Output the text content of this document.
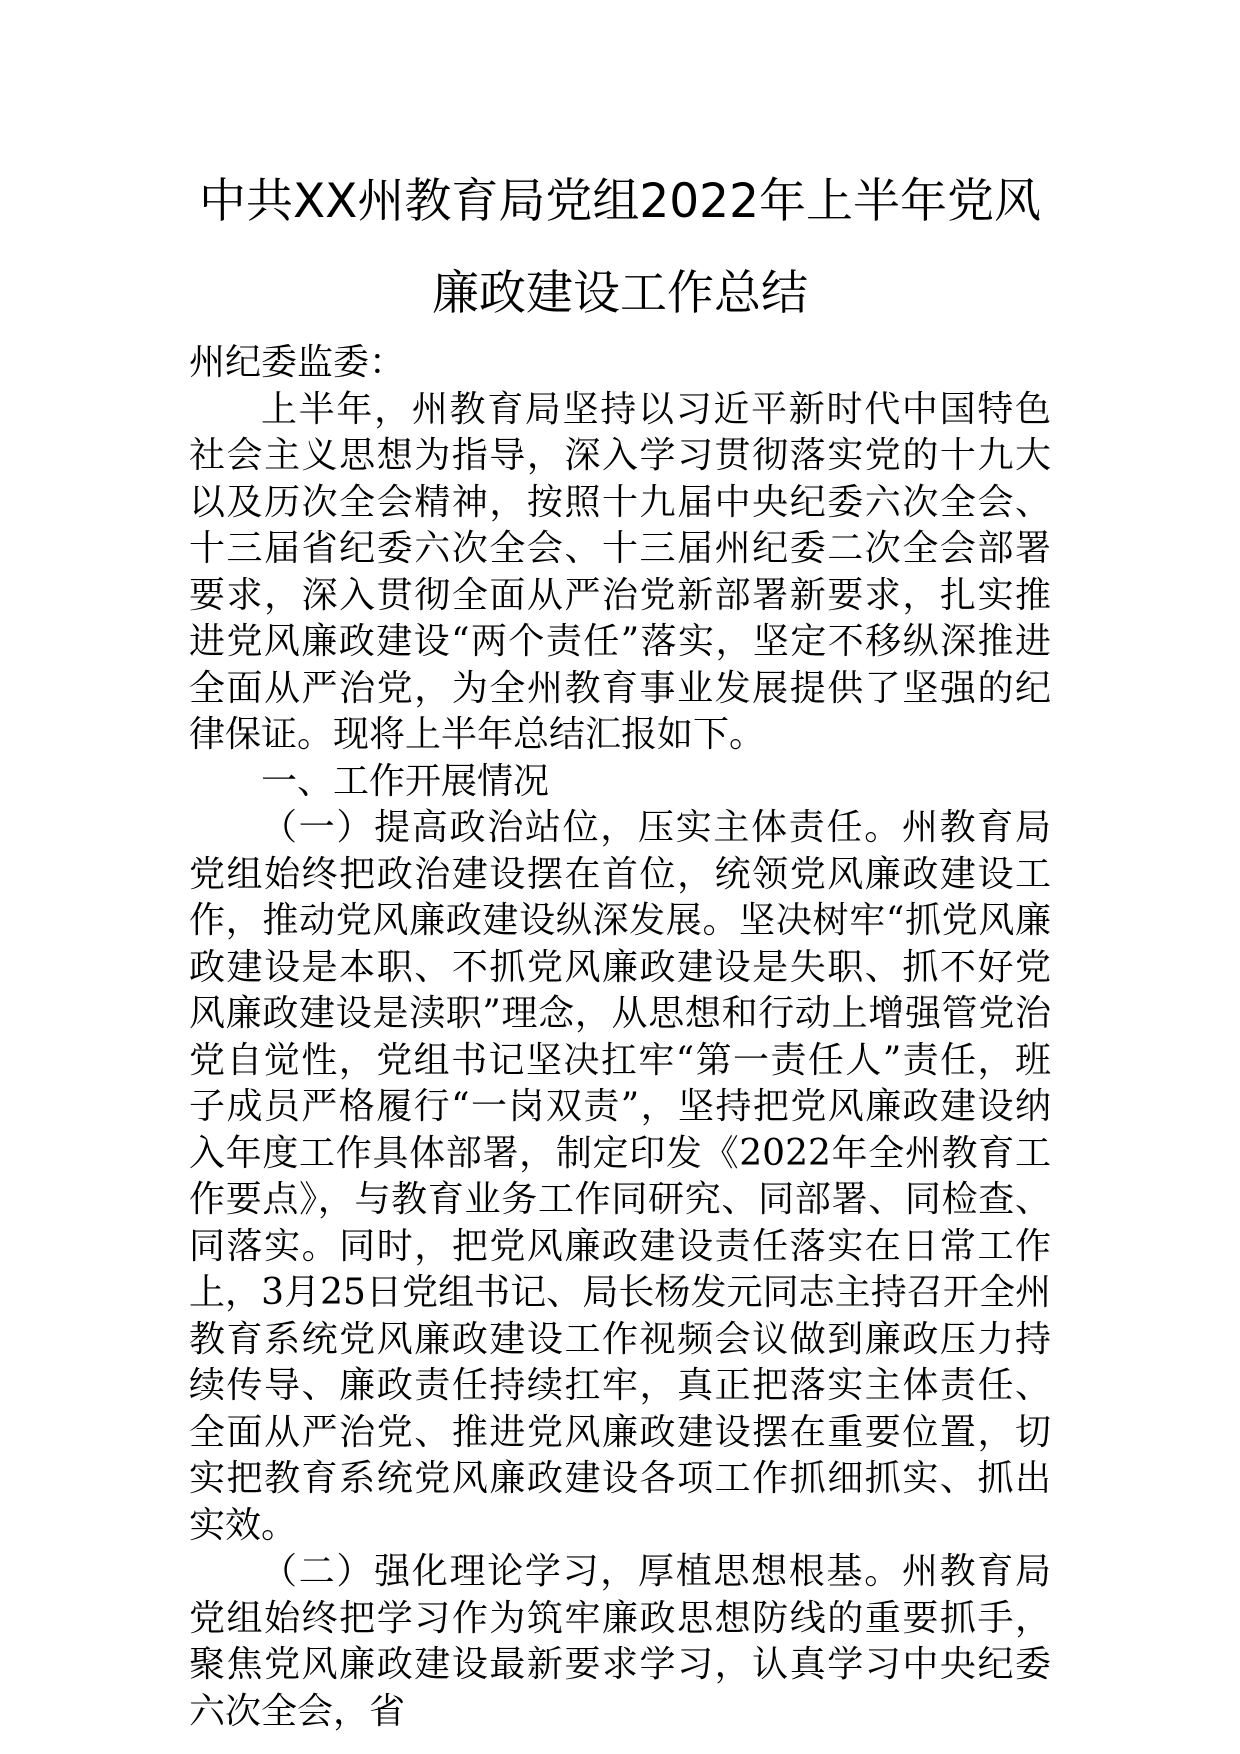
中共XX州教育局党组2022年上半年党风
廉政建设工作总结

州纪委监委：

上半年，州教育局坚持以习近平新时代中国特色社会主义思想为指导，深入学习贯彻落实党的十九大以及历次全会精神，按照十九届中央纪委六次全会、十三届省纪委六次全会、十三届州纪委二次全会部署要求，深入贯彻全面从严治党新部署新要求，扎实推进党风廉政建设“两个责任”落实，坚定不移纵深推进全面从严治党，为全州教育事业发展提供了坚强的纪律保证。现将上半年总结汇报如下。

一、工作开展情况

（一）提高政治站位，压实主体责任。州教育局党组始终把政治建设摆在首位，统领党风廉政建设工作，推动党风廉政建设纵深发展。坚决树牢“抓党风廉政建设是本职、不抓党风廉政建设是失职、抓不好党风廉政建设是渎职”理念，从思想和行动上增强管党治党自觉性，党组书记坚决扛牢“第一责任人”责任，班子成员严格履行“一岗双责”，坚持把党风廉政建设纳入年度工作具体部署，制定印发《2022年全州教育工作要点》，与教育业务工作同研究、同部署、同检查、同落实。同时，把党风廉政建设责任落实在日常工作上，3月25日党组书记、局长杨发元同志主持召开全州教育系统党风廉政建设工作视频会议做到廉政压力持续传导、廉政责任持续扛牢，真正把落实主体责任、全面从严治党、推进党风廉政建设摆在重要位置，切实把教育系统党风廉政建设各项工作抓细抓实、抓出实效。

（二）强化理论学习，厚植思想根基。州教育局党组始终把学习作为筑牢廉政思想防线的重要抓手，聚焦党风廉政建设最新要求学习，认真学习中央纪委六次全会，省
